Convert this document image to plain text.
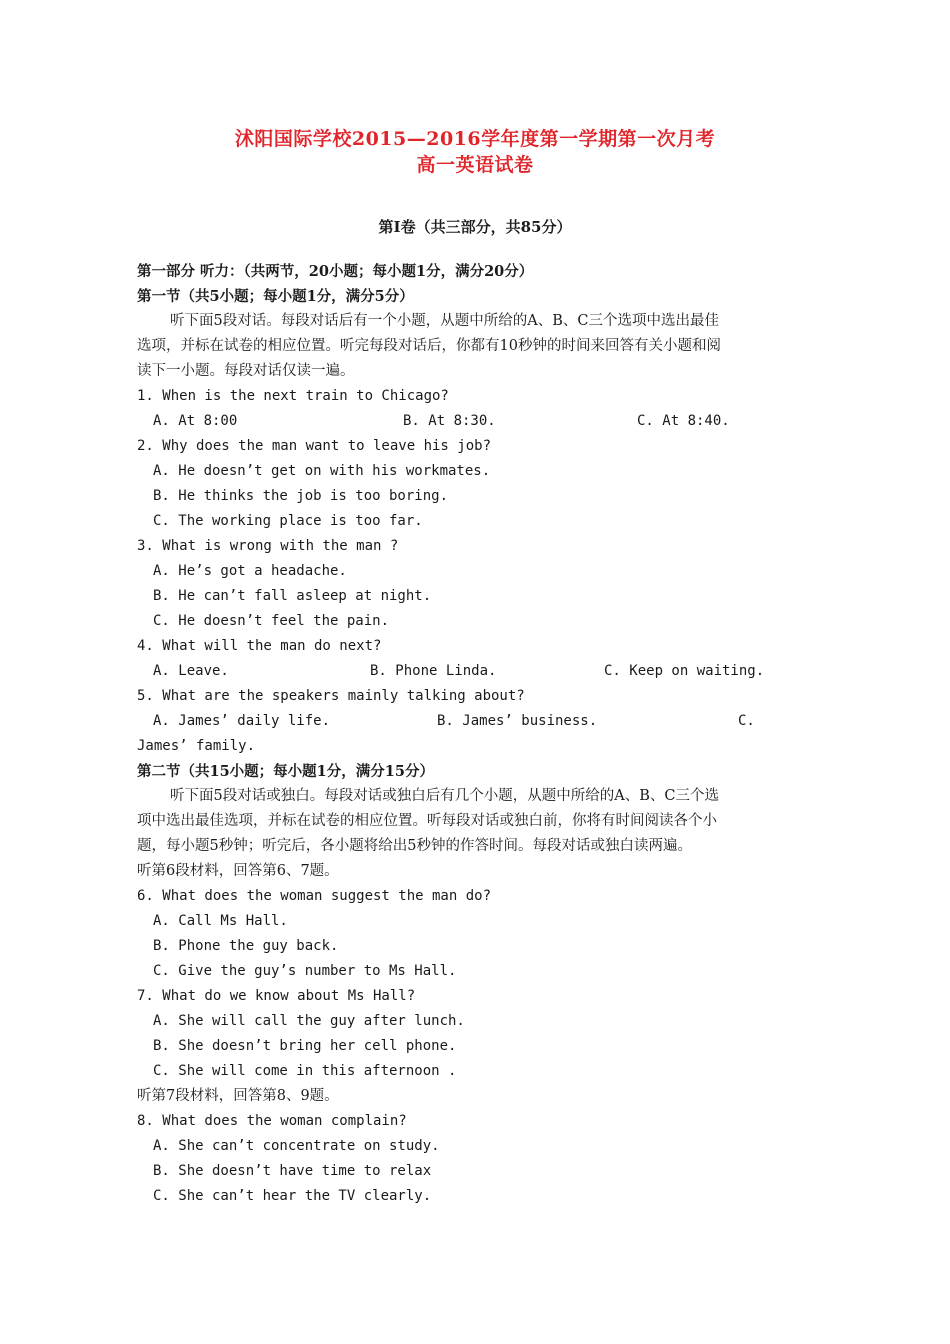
沭阳国际学校2015—2016学年度第一学期第一次月考
高一英语试卷
第I卷（共三部分，共85分）
第一部分 听力：（共两节，20小题；每小题1分，满分20分）
第一节（共5小题；每小题1分，满分5分）
听下面5段对话。每段对话后有一个小题，从题中所给的A、B、C三个选项中选出最佳
选项，并标在试卷的相应位置。听完每段对话后，你都有10秒钟的时间来回答有关小题和阅
读下一小题。每段对话仅读一遍。
1. When is the next train to Chicago?
A. At 8:00	B. At 8:30.	C. At 8:40.
2. Why does the man want to leave his job?
A. He doesn’t get on with his workmates.
B. He thinks the job is too boring.
C. The working place is too far.
3. What is wrong with the man ?
A. He’s got a headache.
B. He can’t fall asleep at night.
C. He doesn’t feel the pain.
4. What will the man do next?
A. Leave.	B. Phone Linda.	C. Keep on waiting.
5. What are the speakers mainly talking about?
A. James’ daily life.	B. James’ business.	C.
James’ family.
第二节（共15小题；每小题1分，满分15分）
听下面5段对话或独白。每段对话或独白后有几个小题，从题中所给的A、B、C三个选
项中选出最佳选项，并标在试卷的相应位置。听每段对话或独白前，你将有时间阅读各个小
题，每小题5秒钟；听完后，各小题将给出5秒钟的作答时间。每段对话或独白读两遍。
听第6段材料，回答第6、7题。
6. What does the woman suggest the man do?
A. Call Ms Hall.
B. Phone the guy back.
C. Give the guy’s number to Ms Hall.
7. What do we know about Ms Hall?
A. She will call the guy after lunch.
B. She doesn’t bring her cell phone.
C. She will come in this afternoon .
听第7段材料，回答第8、9题。
8. What does the woman complain?
A. She can’t concentrate on study.
B. She doesn’t have time to relax
C. She can’t hear the TV clearly.
